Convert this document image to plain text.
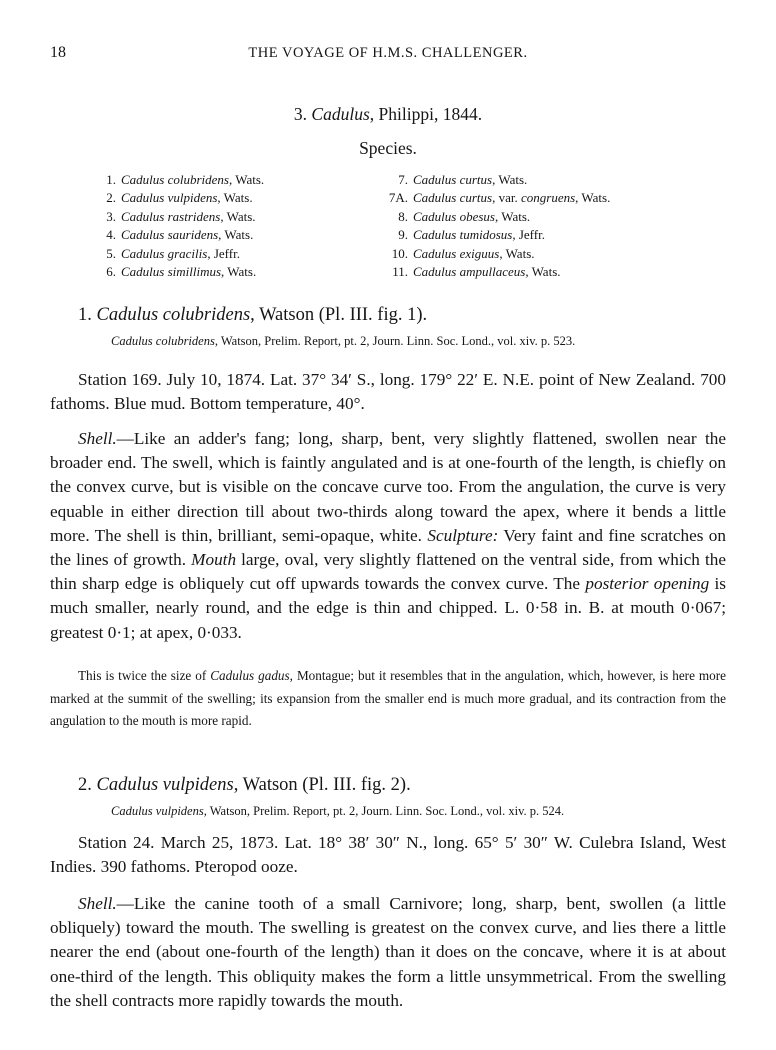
18	THE VOYAGE OF H.M.S. CHALLENGER.
3. Cadulus, Philippi, 1844.
Species.
1. Cadulus colubridens, Wats.
2. Cadulus vulpidens, Wats.
3. Cadulus rastridens, Wats.
4. Cadulus sauridens, Wats.
5. Cadulus gracilis, Jeffr.
6. Cadulus simillimus, Wats.
7. Cadulus curtus, Wats.
7A. Cadulus curtus, var. congruens, Wats.
8. Cadulus obesus, Wats.
9. Cadulus tumidosus, Jeffr.
10. Cadulus exiguus, Wats.
11. Cadulus ampullaceus, Wats.
1. Cadulus colubridens, Watson (Pl. III. fig. 1).
Cadulus colubridens, Watson, Prelim. Report, pt. 2, Journ. Linn. Soc. Lond., vol. xiv. p. 523.
Station 169. July 10, 1874. Lat. 37° 34′ S., long. 179° 22′ E. N.E. point of New Zealand. 700 fathoms. Blue mud. Bottom temperature, 40°.
Shell.—Like an adder's fang; long, sharp, bent, very slightly flattened, swollen near the broader end. The swell, which is faintly angulated and is at one-fourth of the length, is chiefly on the convex curve, but is visible on the concave curve too. From the angulation, the curve is very equable in either direction till about two-thirds along toward the apex, where it bends a little more. The shell is thin, brilliant, semi-opaque, white. Sculpture: Very faint and fine scratches on the lines of growth. Mouth large, oval, very slightly flattened on the ventral side, from which the thin sharp edge is obliquely cut off upwards towards the convex curve. The posterior opening is much smaller, nearly round, and the edge is thin and chipped. L. 0·58 in. B. at mouth 0·067; greatest 0·1; at apex, 0·033.
This is twice the size of Cadulus gadus, Montague; but it resembles that in the angulation, which, however, is here more marked at the summit of the swelling; its expansion from the smaller end is much more gradual, and its contraction from the angulation to the mouth is more rapid.
2. Cadulus vulpidens, Watson (Pl. III. fig. 2).
Cadulus vulpidens, Watson, Prelim. Report, pt. 2, Journ. Linn. Soc. Lond., vol. xiv. p. 524.
Station 24. March 25, 1873. Lat. 18° 38′ 30″ N., long. 65° 5′ 30″ W. Culebra Island, West Indies. 390 fathoms. Pteropod ooze.
Shell.—Like the canine tooth of a small Carnivore; long, sharp, bent, swollen (a little obliquely) toward the mouth. The swelling is greatest on the convex curve, and lies there a little nearer the end (about one-fourth of the length) than it does on the concave, where it is at about one-third of the length. This obliquity makes the form a little unsymmetrical. From the swelling the shell contracts more rapidly towards the mouth.
